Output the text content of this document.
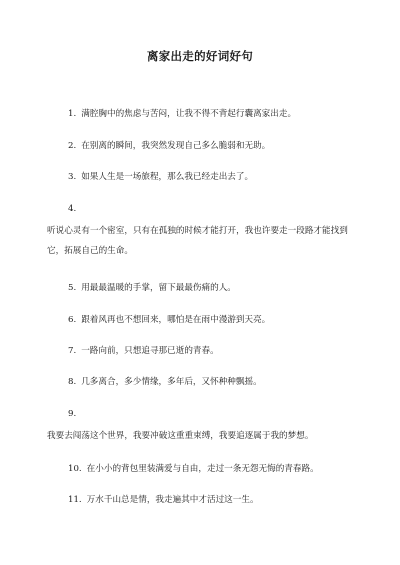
离家出走的好词好句
1. 满腔胸中的焦虑与苦闷，让我不得不背起行囊离家出走。
2. 在别离的瞬间，我突然发现自己多么脆弱和无助。
3. 如果人生是一场旅程，那么我已经走出去了。
4.
听说心灵有一个密室，只有在孤独的时候才能打开，我也许要走一段路才能找到它，拓展自己的生命。
5. 用最最温暖的手掌，留下最最伤痛的人。
6. 跟着风再也不想回来，哪怕是在雨中漫游到天亮。
7. 一路向前，只想追寻那已逝的青春。
8. 几多离合，多少情缘，多年后，又怀种种飘摇。
9.
我要去闯荡这个世界，我要冲破这重重束缚，我要追逐属于我的梦想。
10. 在小小的背包里装满爱与自由，走过一条无怨无悔的青春路。
11. 万水千山总是情，我走遍其中才活过这一生。
